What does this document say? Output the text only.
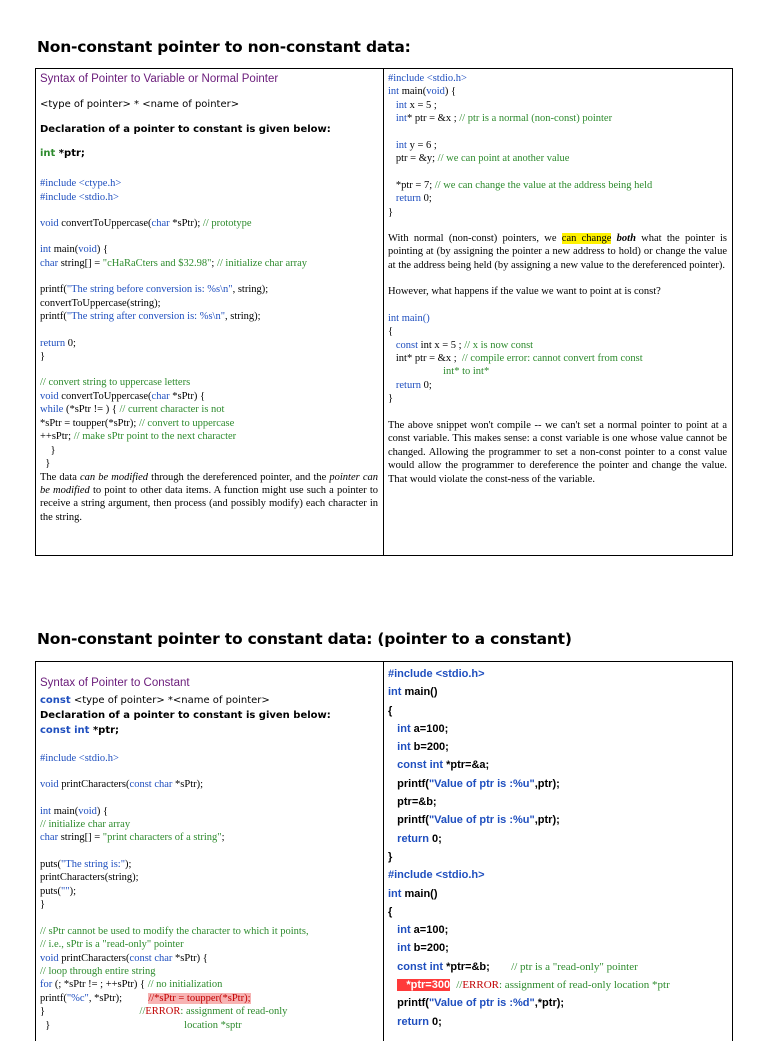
Non-constant pointer to non-constant data:
Syntax of Pointer to Variable or Normal Pointer
<type of pointer> * <name of pointer>
Declaration of a pointer to constant is given below:
int *ptr;
#include <ctype.h>
#include <stdio.h>
void convertToUppercase(char *sPtr); // prototype
int main(void) {
char string[] = "cHaRaCters and $32.98"; // initialize char array
printf("The string before conversion is: %s\n", string);
convertToUppercase(string);
printf("The string after conversion is: %s\n", string);
return 0;
}
// convert string to uppercase letters
void convertToUppercase(char *sPtr) {
while (*sPtr != ) { // current character is not
*sPtr = toupper(*sPtr); // convert to uppercase
++sPtr; // make sPtr point to the next character
}
}
The data can be modified through the dereferenced pointer, and the pointer can be modified to point to other data items. A function might use such a pointer to receive a string argument, then process (and possibly modify) each character in the string.
#include <stdio.h>
int main(void) {
int x = 5 ;
int* ptr = &x ; // ptr is a normal (non-const) pointer
int y = 6 ;
ptr = &y; // we can point at another value
*ptr = 7; // we can change the value at the address being held
return 0;
}
With normal (non-const) pointers, we can change both what the pointer is pointing at (by assigning the pointer a new address to hold) or change the value at the address being held (by assigning a new value to the dereferenced pointer).
However, what happens if the value we want to point at is const?
int main()
{
const int x = 5 ; // x is now const
int* ptr = &x ;  // compile error: cannot convert from const
int* to int*
return 0;
}
The above snippet won't compile -- we can't set a normal pointer to point at a const variable. This makes sense: a const variable is one whose value cannot be changed. Allowing the programmer to set a non-const pointer to a const value would allow the programmer to dereference the pointer and change the value. That would violate the const-ness of the variable.
Non-constant pointer to constant data: (pointer to a constant)
Syntax of Pointer to Constant
const <type of pointer> *<name of pointer>
Declaration of a pointer to constant is given below:
const int *ptr;
#include <stdio.h>
void printCharacters(const char *sPtr);
int main(void) {
// initialize char array
char string[] = "print characters of a string";
puts("The string is:");
printCharacters(string);
puts("");
}
// sPtr cannot be used to modify the character to which it points,
// i.e., sPtr is a "read-only" pointer
void printCharacters(const char *sPtr) {
// loop through entire string
for (; *sPtr != ; ++sPtr) { // no initialization
printf("%c", *sPtr);          //*sPtr = toupper(*sPtr);
}                                    //ERROR: assignment of read-only
}                                                   location *sptr
#include <stdio.h>
int main()
{
int a=100;
int b=200;
const int *ptr=&a;
printf("Value of ptr is :%u",ptr);
ptr=&b;
printf("Value of ptr is :%u",ptr);
return 0;
}
#include <stdio.h>
int main()
{
int a=100;
int b=200;
const int *ptr=&b; // ptr is a "read-only" pointer
*ptr=300 //ERROR: assignment of read-only location *ptr
printf("Value of ptr is :%d",*ptr);
return 0;
